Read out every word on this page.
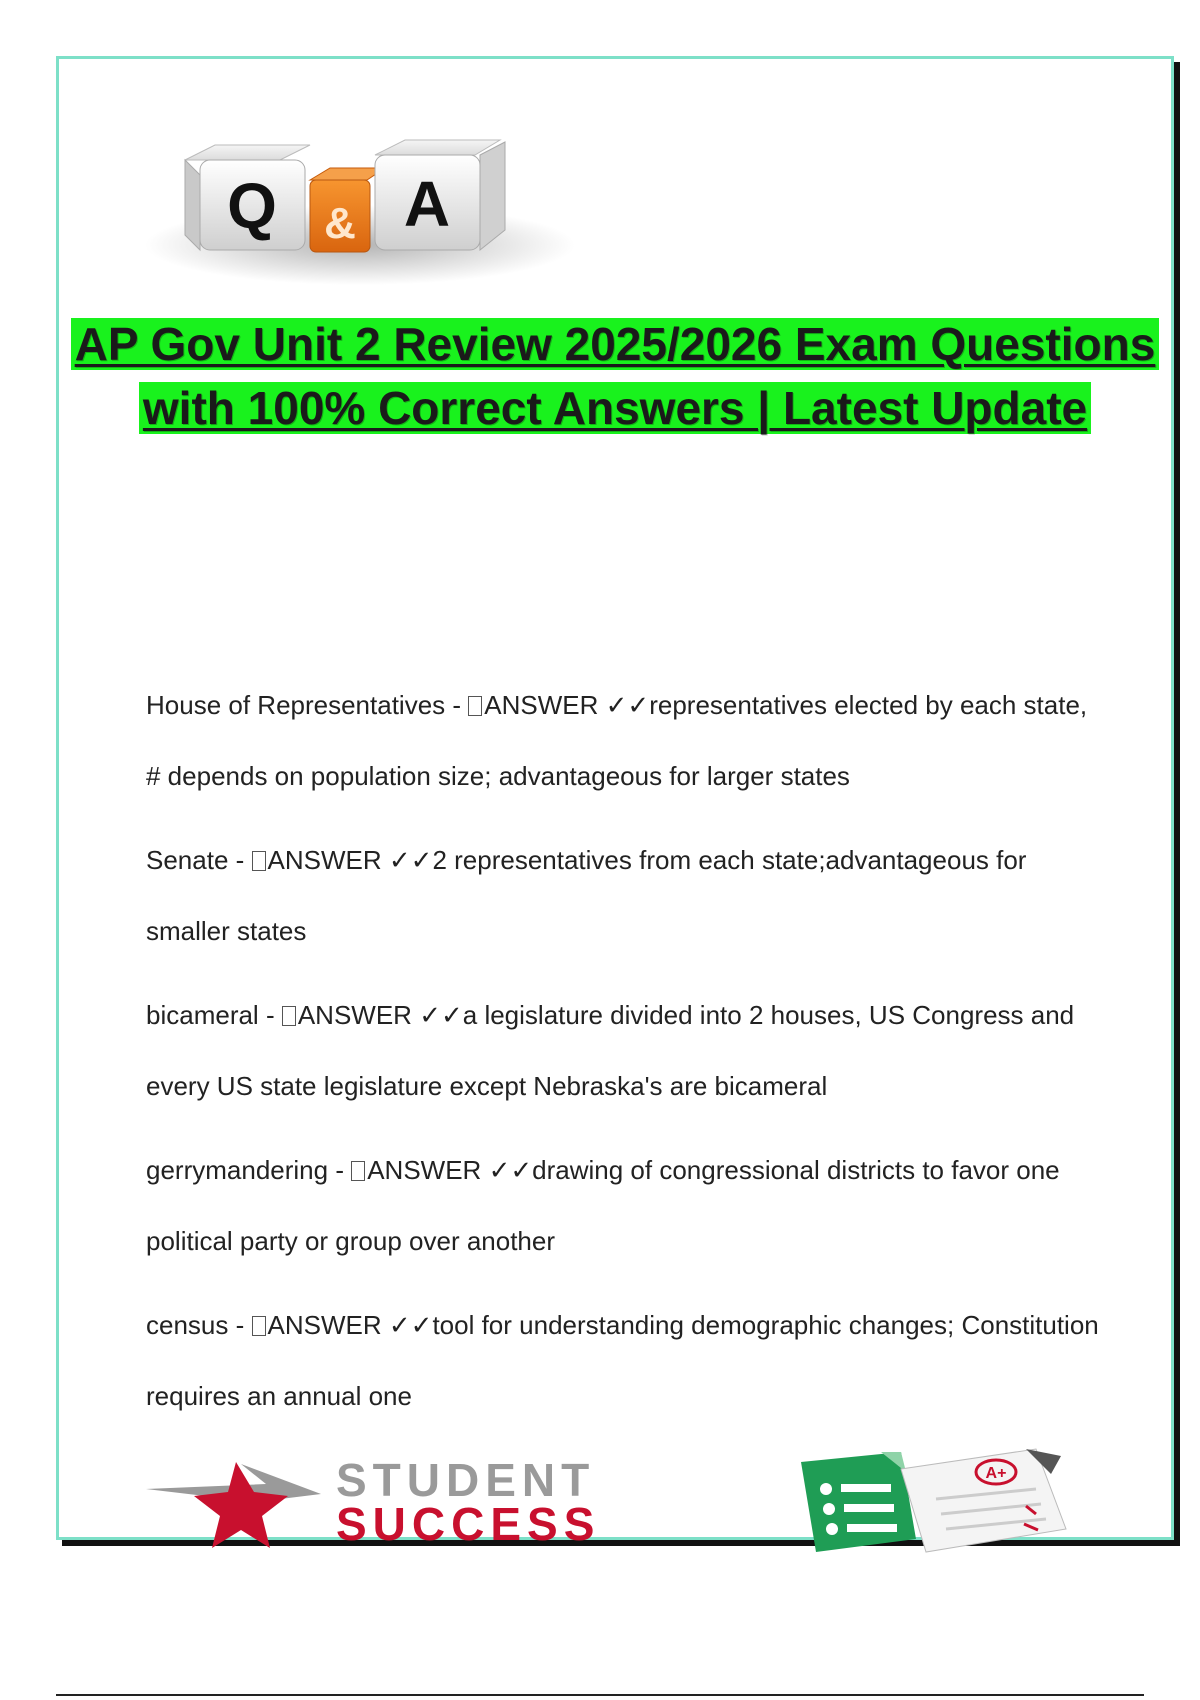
Q & A
AP Gov Unit 2 Review 2025/2026 Exam Questions with 100% Correct Answers | Latest Update
House of Representatives - ANSWER ✓✓representatives elected by each state, # depends on population size; advantageous for larger states
Senate - ANSWER ✓✓2 representatives from each state;advantageous for smaller states
bicameral - ANSWER ✓✓a legislature divided into 2 houses, US Congress and every US state legislature except Nebraska's are bicameral
gerrymandering - ANSWER ✓✓drawing of congressional districts to favor one political party or group over another
census - ANSWER ✓✓tool for understanding demographic changes; Constitution requires an annual one
STUDENT
SUCCESS
A+
